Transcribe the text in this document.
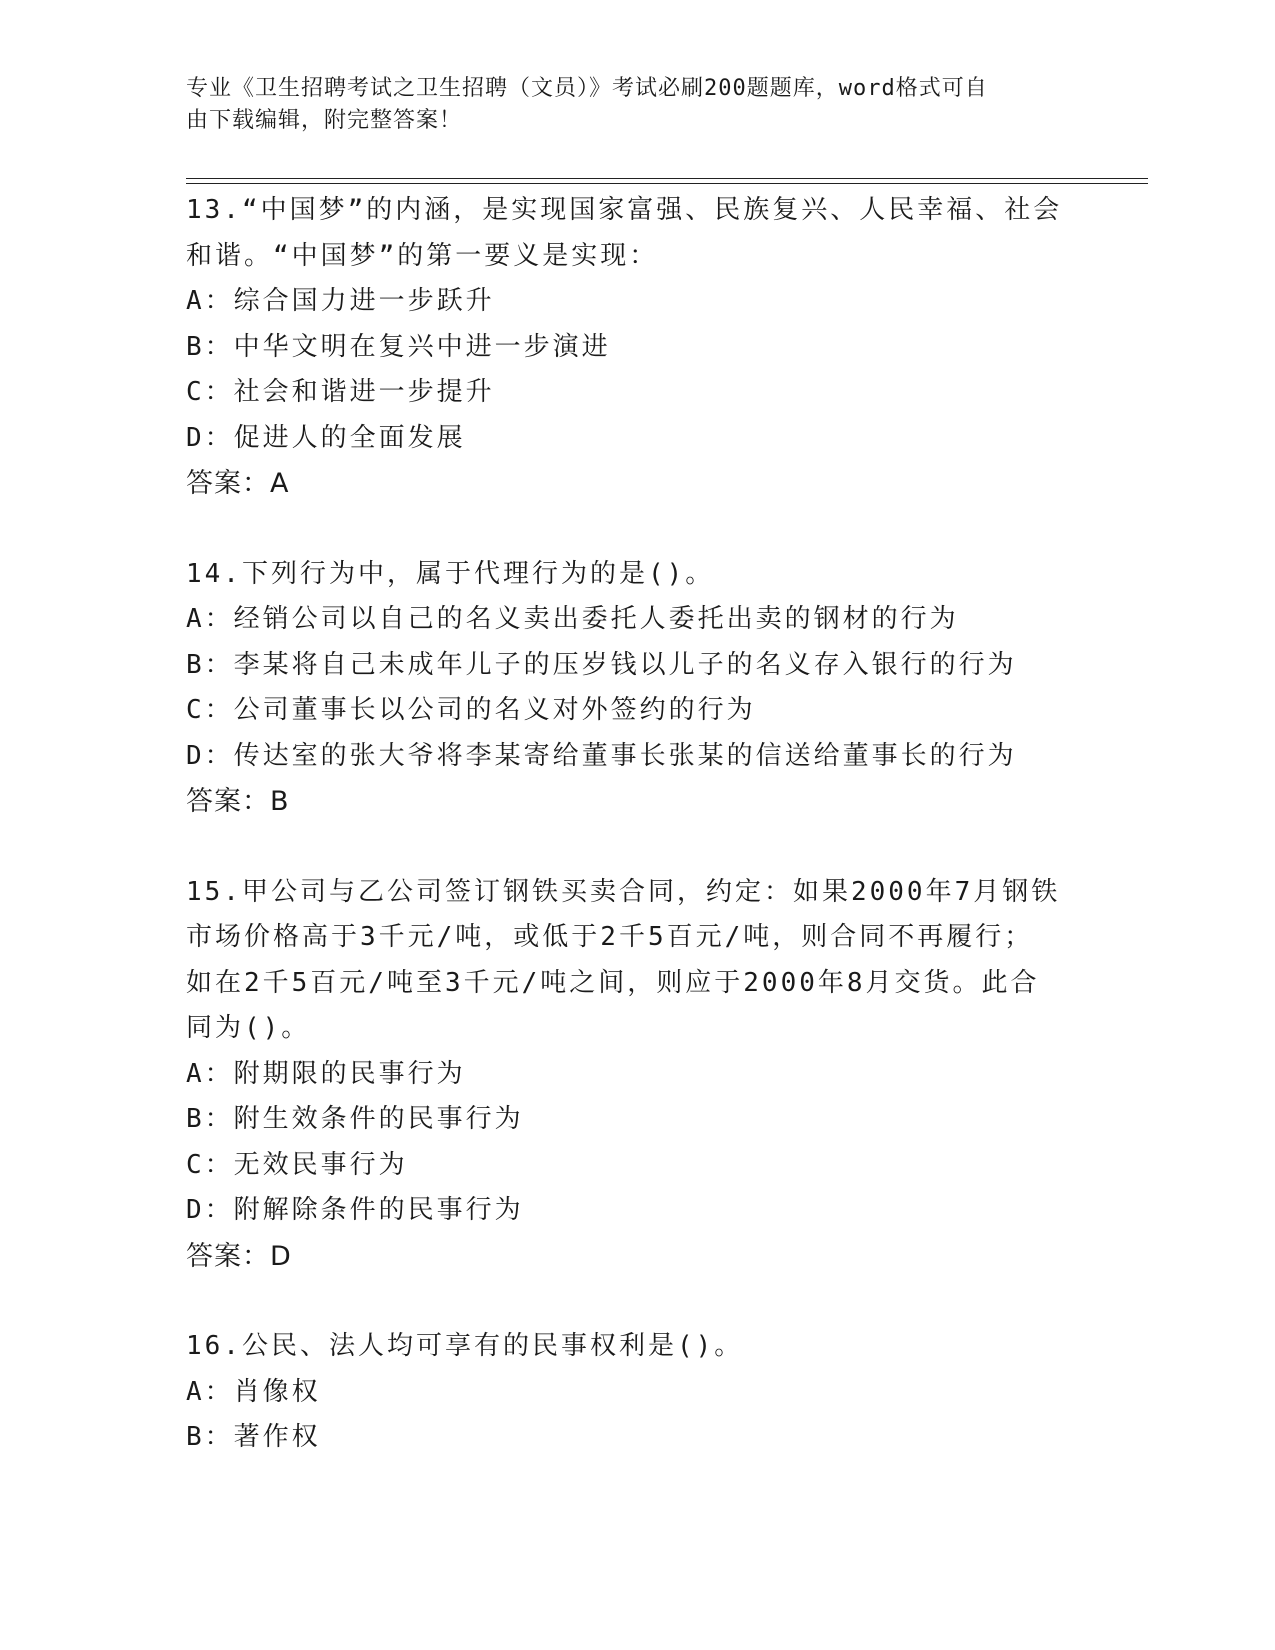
专业《卫生招聘考试之卫生招聘（文员）》考试必刷200题题库，word格式可自
由下载编辑，附完整答案！
13.“中国梦”的内涵，是实现国家富强、民族复兴、人民幸福、社会
和谐。“中国梦”的第一要义是实现：
A：综合国力进一步跃升
B：中华文明在复兴中进一步演进
C：社会和谐进一步提升
D：促进人的全面发展
答案：A
14.下列行为中，属于代理行为的是()。
A：经销公司以自己的名义卖出委托人委托出卖的钢材的行为
B：李某将自己未成年儿子的压岁钱以儿子的名义存入银行的行为
C：公司董事长以公司的名义对外签约的行为
D：传达室的张大爷将李某寄给董事长张某的信送给董事长的行为
答案：B
15.甲公司与乙公司签订钢铁买卖合同，约定：如果2000年7月钢铁
市场价格高于3千元/吨，或低于2千5百元/吨，则合同不再履行；
如在2千5百元/吨至3千元/吨之间，则应于2000年8月交货。此合
同为()。
A：附期限的民事行为
B：附生效条件的民事行为
C：无效民事行为
D：附解除条件的民事行为
答案：D
16.公民、法人均可享有的民事权利是()。
A：肖像权
B：著作权
